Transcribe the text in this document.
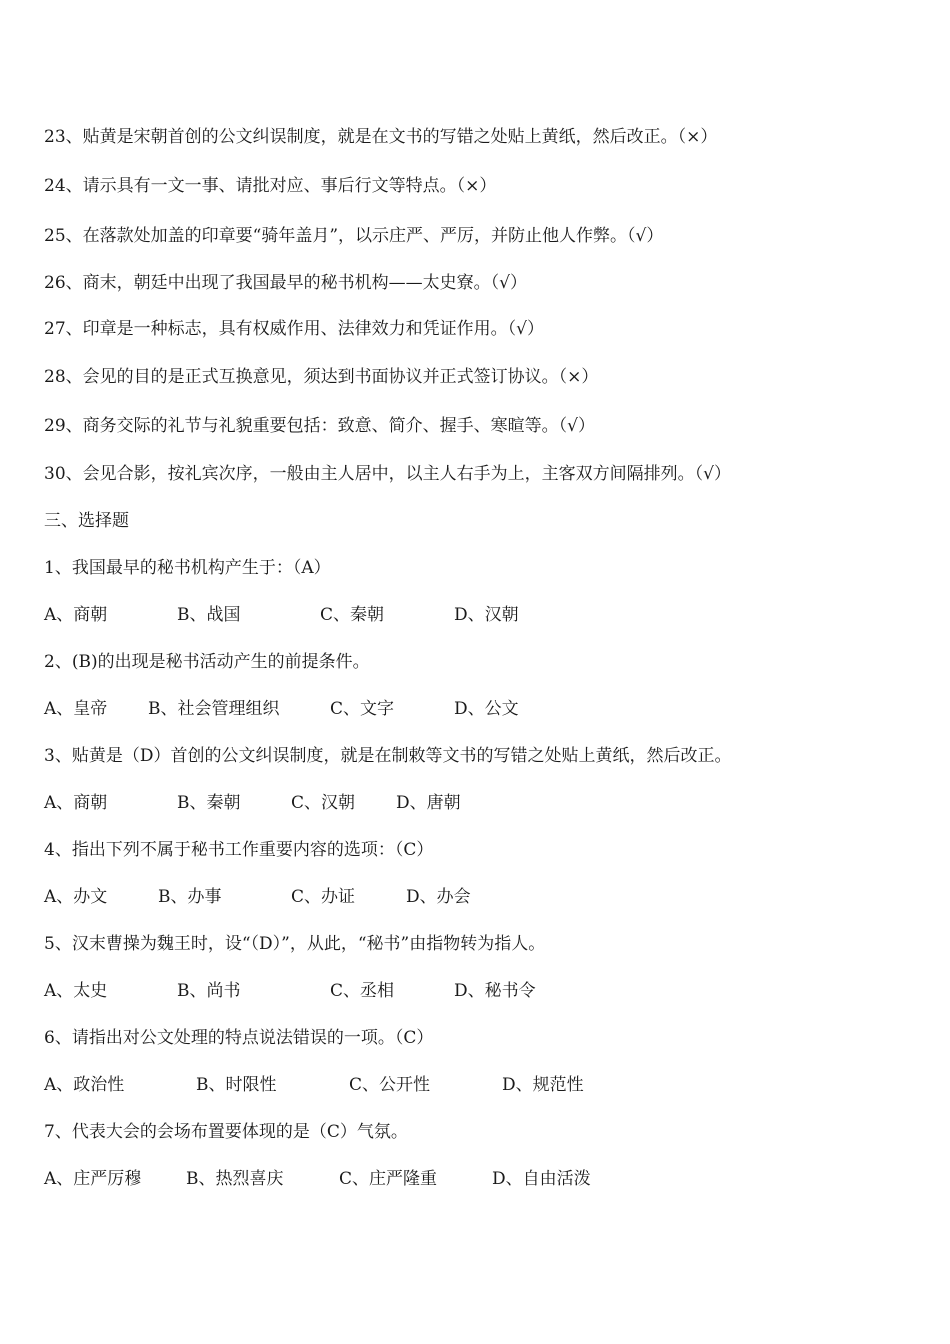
23、贴黄是宋朝首创的公文纠误制度，就是在文书的写错之处贴上黄纸，然后改正。（×）
24、请示具有一文一事、请批对应、事后行文等特点。（×）
25、在落款处加盖的印章要“骑年盖月”，以示庄严、严厉，并防止他人作弊。（√）
26、商末，朝廷中出现了我国最早的秘书机构——太史寮。（√）
27、印章是一种标志，具有权威作用、法律效力和凭证作用。（√）
28、会见的目的是正式互换意见，须达到书面协议并正式签订协议。（×）
29、商务交际的礼节与礼貌重要包括：致意、简介、握手、寒暄等。（√）
30、会见合影，按礼宾次序，一般由主人居中，以主人右手为上，主客双方间隔排列。（√）
三、选择题
1、我国最早的秘书机构产生于：（A）
A、商朝	B、战国	C、秦朝	D、汉朝
2、(B)的出现是秘书活动产生的前提条件。
A、皇帝 B、社会管理组织	C、文字	D、公文
3、贴黄是（D）首创的公文纠误制度，就是在制敕等文书的写错之处贴上黄纸，然后改正。
A、商朝	B、秦朝	C、汉朝 D、唐朝
4、指出下列不属于秘书工作重要内容的选项：（C）
A、办文	B、办事	C、办证	D、办会
5、汉末曹操为魏王时，设“（D）”，从此，“秘书”由指物转为指人。
A、太史	B、尚书	C、丞相	D、秘书令
6、请指出对公文处理的特点说法错误的一项。（C）
A、政治性	B、时限性	C、公开性	D、规范性
7、代表大会的会场布置要体现的是（C）气氛。
A、庄严厉穆	B、热烈喜庆	C、庄严隆重	D、自由活泼
